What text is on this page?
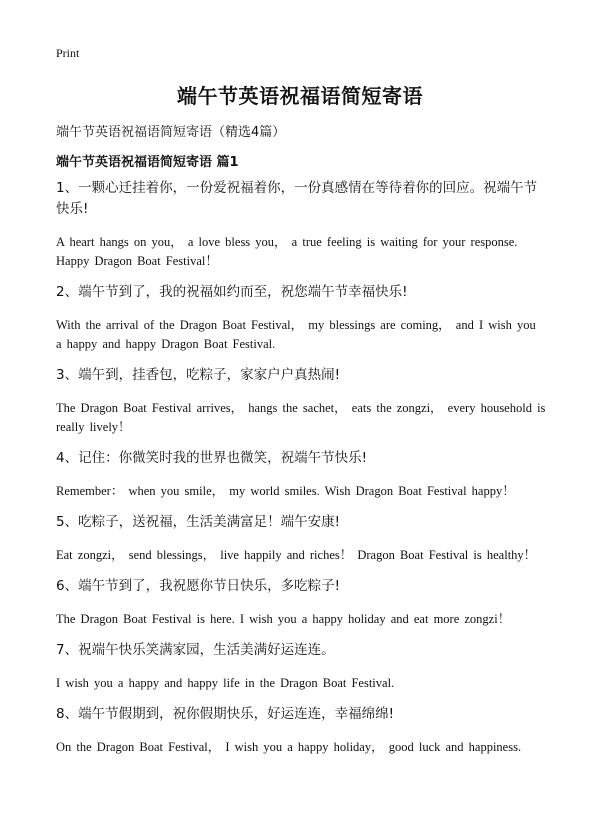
Print
端午节英语祝福语简短寄语
端午节英语祝福语简短寄语（精选4篇）
端午节英语祝福语简短寄语 篇1

1、一颗心迁挂着你，一份爱祝福着你，一份真感情在等待着你的回应。祝端午节快乐!

A heart hangs on you， a love bless you， a true feeling is waiting for your response. Happy Dragon Boat Festival！

2、端午节到了，我的祝福如约而至，祝您端午节幸福快乐!

With the arrival of the Dragon Boat Festival， my blessings are coming， and I wish you a happy and happy Dragon Boat Festival.

3、端午到，挂香包，吃粽子，家家户户真热闹!

The Dragon Boat Festival arrives， hangs the sachet， eats the zongzi， every household is really lively！

4、记住：你微笑时我的世界也微笑，祝端午节快乐!

Remember： when you smile， my world smiles. Wish Dragon Boat Festival happy！

5、吃粽子，送祝福，生活美满富足！端午安康!

Eat zongzi， send blessings， live happily and riches！ Dragon Boat Festival is healthy！

6、端午节到了，我祝愿你节日快乐，多吃粽子!

The Dragon Boat Festival is here. I wish you a happy holiday and eat more zongzi！

7、祝端午快乐笑满家园，生活美满好运连连。

I wish you a happy and happy life in the Dragon Boat Festival.

8、端午节假期到，祝你假期快乐，好运连连，幸福绵绵!

On the Dragon Boat Festival， I wish you a happy holiday， good luck and happiness.
